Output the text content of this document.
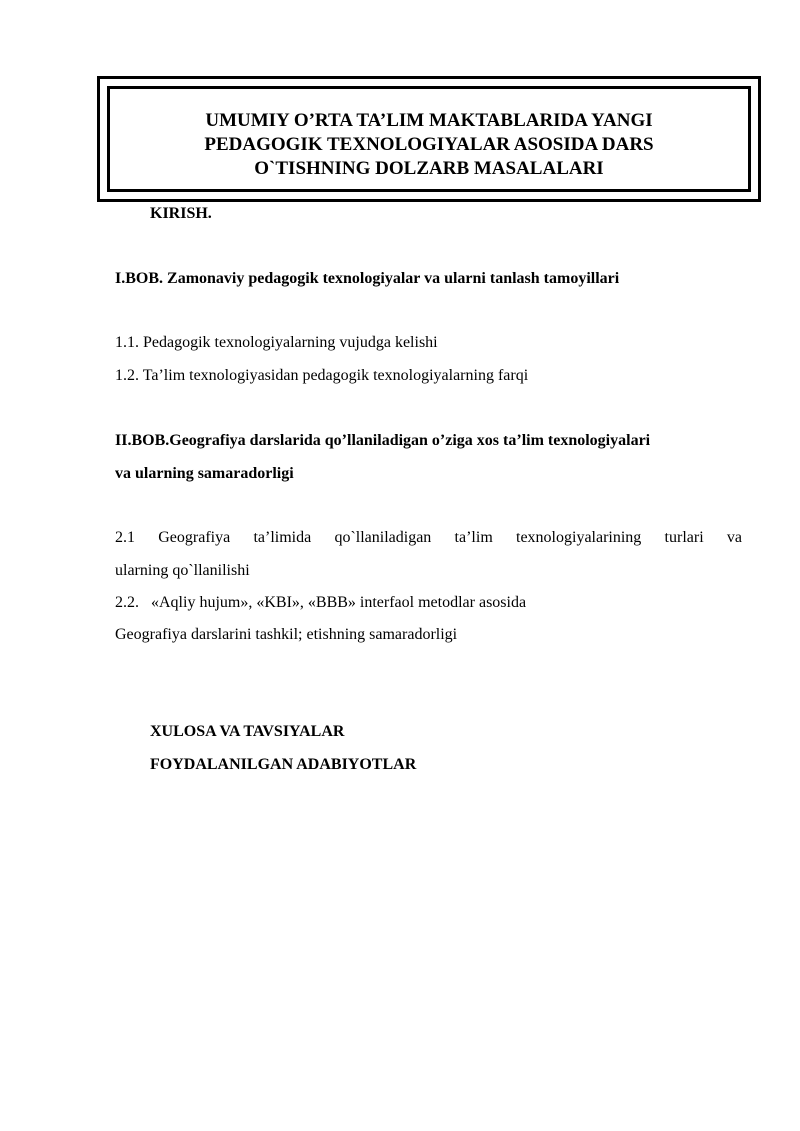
UMUMIY O’RTA TA’LIM MAKTABLARIDA YANGI
PEDAGOGIK TEXNOLOGIYALAR ASOSIDA DARS
O`TISHNING DOLZARB MASALALARI
KIRISH.
I.BOB. Zamonaviy pedagogik texnologiyalar va ularni tanlash tamoyillari
1.1. Pedagogik texnologiyalarning vujudga kelishi
1.2. Ta’lim texnologiyasidan pedagogik texnologiyalarning farqi
II.BOB.Geografiya darslarida qo’llaniladigan o’ziga xos ta’lim texnologiyalari
va ularning samaradorligi
2.1 Geografiya ta’limida qo`llaniladigan ta’lim texnologiyalarining turlari va
ularning qo`llanilishi
2.2.   «Aqliy hujum», «KBI», «BBB» interfaol metodlar asosida
Geografiya darslarini tashkil; etishning samaradorligi
XULOSA VA TAVSIYALAR
FOYDALANILGAN ADABIYOTLAR
